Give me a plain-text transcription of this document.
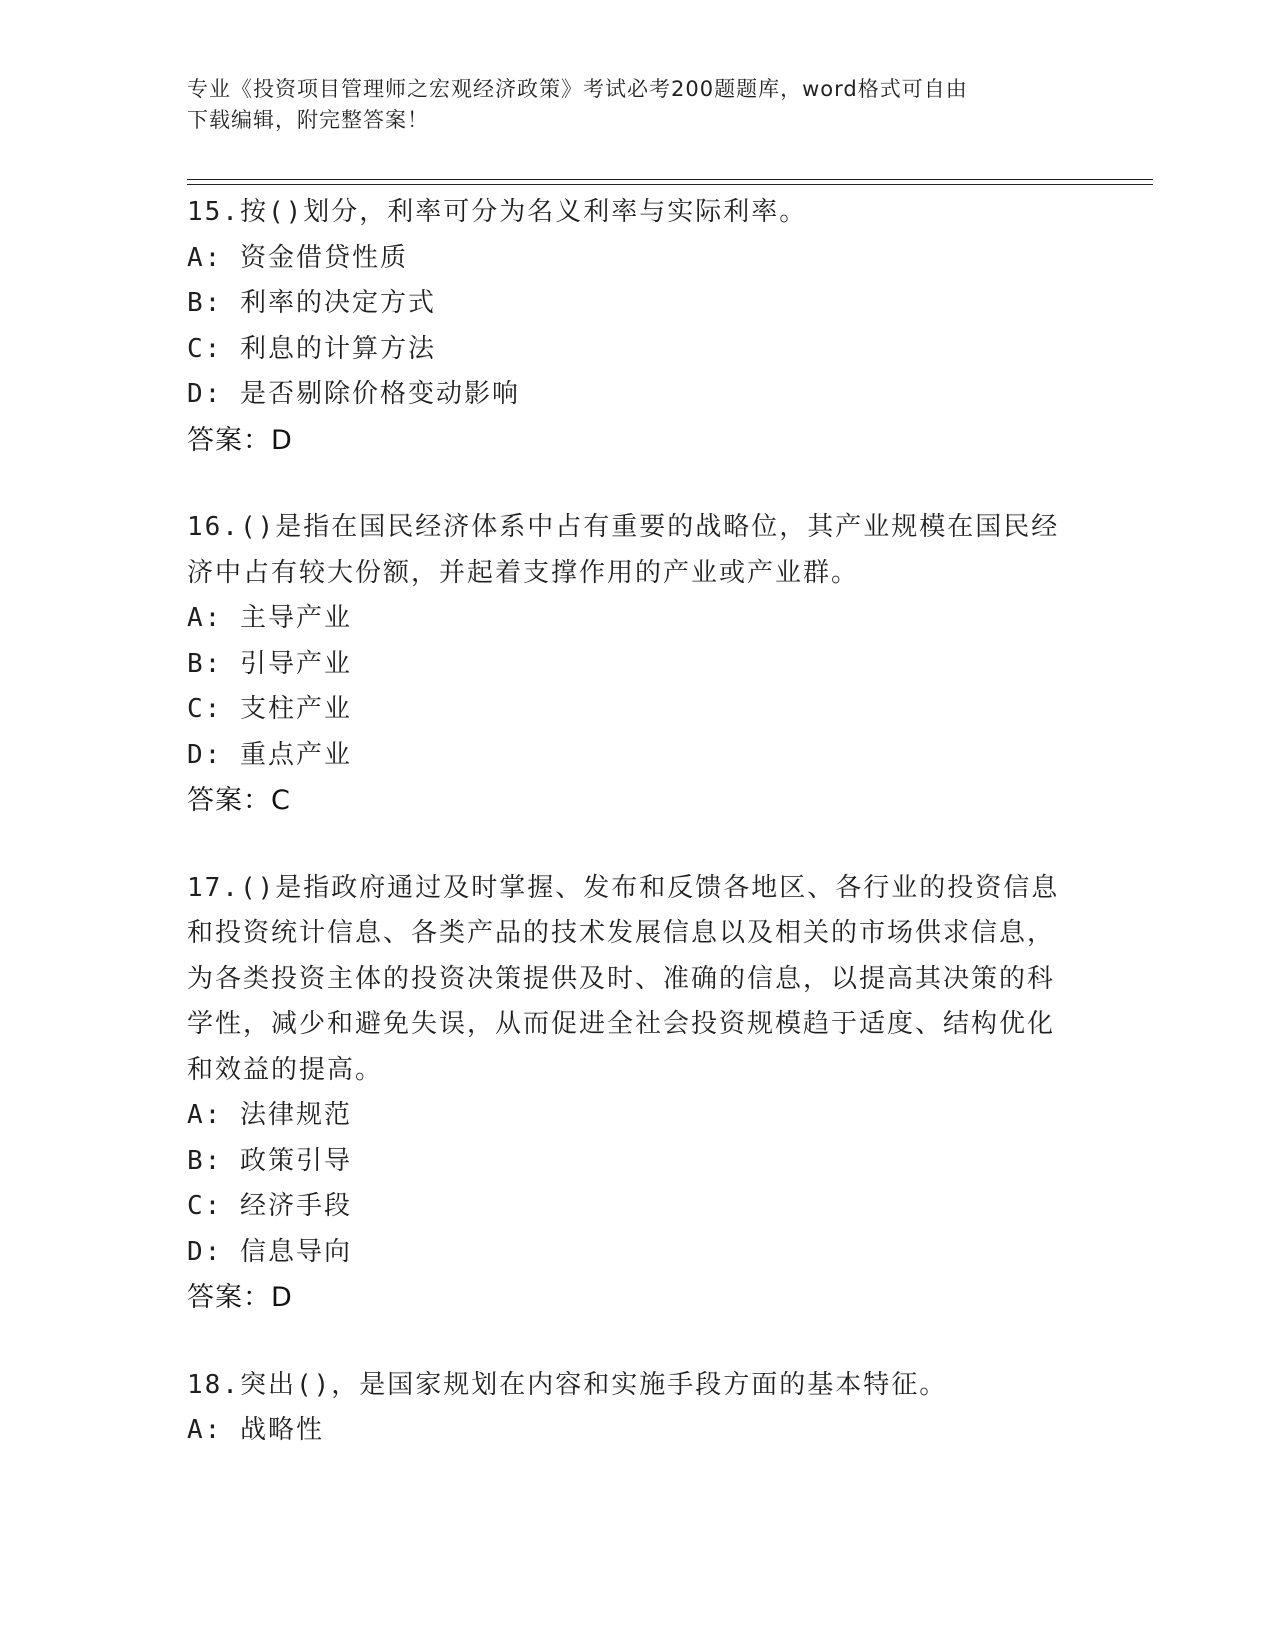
专业《投资项目管理师之宏观经济政策》考试必考200题题库，word格式可自由
下载编辑，附完整答案！
15.按()划分，利率可分为名义利率与实际利率。
A: 资金借贷性质
B: 利率的决定方式
C: 利息的计算方法
D: 是否剔除价格变动影响
答案：D
16.()是指在国民经济体系中占有重要的战略位，其产业规模在国民经济中占有较大份额，并起着支撑作用的产业或产业群。
A: 主导产业
B: 引导产业
C: 支柱产业
D: 重点产业
答案：C
17.()是指政府通过及时掌握、发布和反馈各地区、各行业的投资信息和投资统计信息、各类产品的技术发展信息以及相关的市场供求信息，为各类投资主体的投资决策提供及时、准确的信息，以提高其决策的科学性，减少和避免失误，从而促进全社会投资规模趋于适度、结构优化和效益的提高。
A: 法律规范
B: 政策引导
C: 经济手段
D: 信息导向
答案：D
18.突出()，是国家规划在内容和实施手段方面的基本特征。
A: 战略性
